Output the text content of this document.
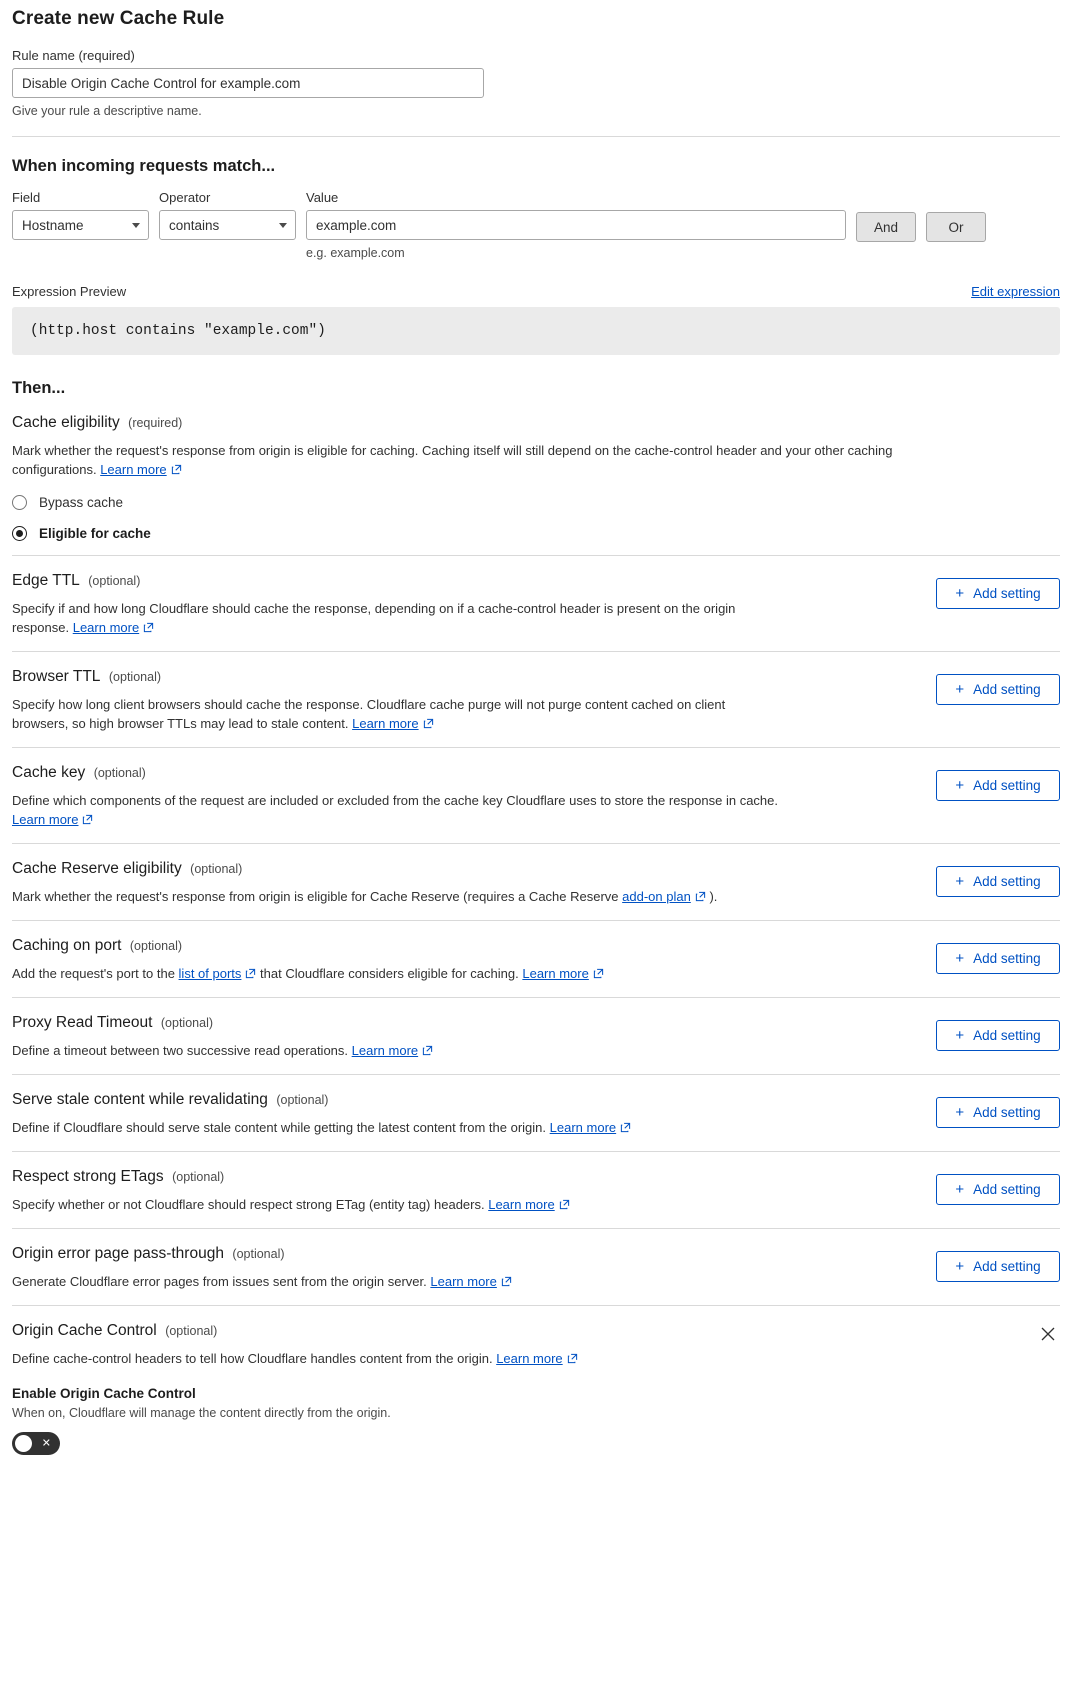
Create new Cache Rule
Rule name (required)
Disable Origin Cache Control for example.com
Give your rule a descriptive name.
When incoming requests match...
Field
Hostname
Operator
contains
Value
example.com
e.g. example.com
And	Or
Expression Preview	Edit expression
(http.host contains "example.com")
Then...
Cache eligibility (required)
Mark whether the request's response from origin is eligible for caching. Caching itself will still depend on the cache-control header and your other caching configurations. Learn more
Bypass cache
Eligible for cache
Edge TTL (optional)
Specify if and how long Cloudflare should cache the response, depending on if a cache-control header is present on the origin response. Learn more
+ Add setting
Browser TTL (optional)
Specify how long client browsers should cache the response. Cloudflare cache purge will not purge content cached on client browsers, so high browser TTLs may lead to stale content. Learn more
+ Add setting
Cache key (optional)
Define which components of the request are included or excluded from the cache key Cloudflare uses to store the response in cache. Learn more
+ Add setting
Cache Reserve eligibility (optional)
Mark whether the request's response from origin is eligible for Cache Reserve (requires a Cache Reserve add-on plan ).
+ Add setting
Caching on port (optional)
Add the request's port to the list of ports that Cloudflare considers eligible for caching. Learn more
+ Add setting
Proxy Read Timeout (optional)
Define a timeout between two successive read operations. Learn more
+ Add setting
Serve stale content while revalidating (optional)
Define if Cloudflare should serve stale content while getting the latest content from the origin. Learn more
+ Add setting
Respect strong ETags (optional)
Specify whether or not Cloudflare should respect strong ETag (entity tag) headers. Learn more
+ Add setting
Origin error page pass-through (optional)
Generate Cloudflare error pages from issues sent from the origin server. Learn more
+ Add setting
Origin Cache Control (optional)
Define cache-control headers to tell how Cloudflare handles content from the origin. Learn more
Enable Origin Cache Control
When on, Cloudflare will manage the content directly from the origin.
✕
